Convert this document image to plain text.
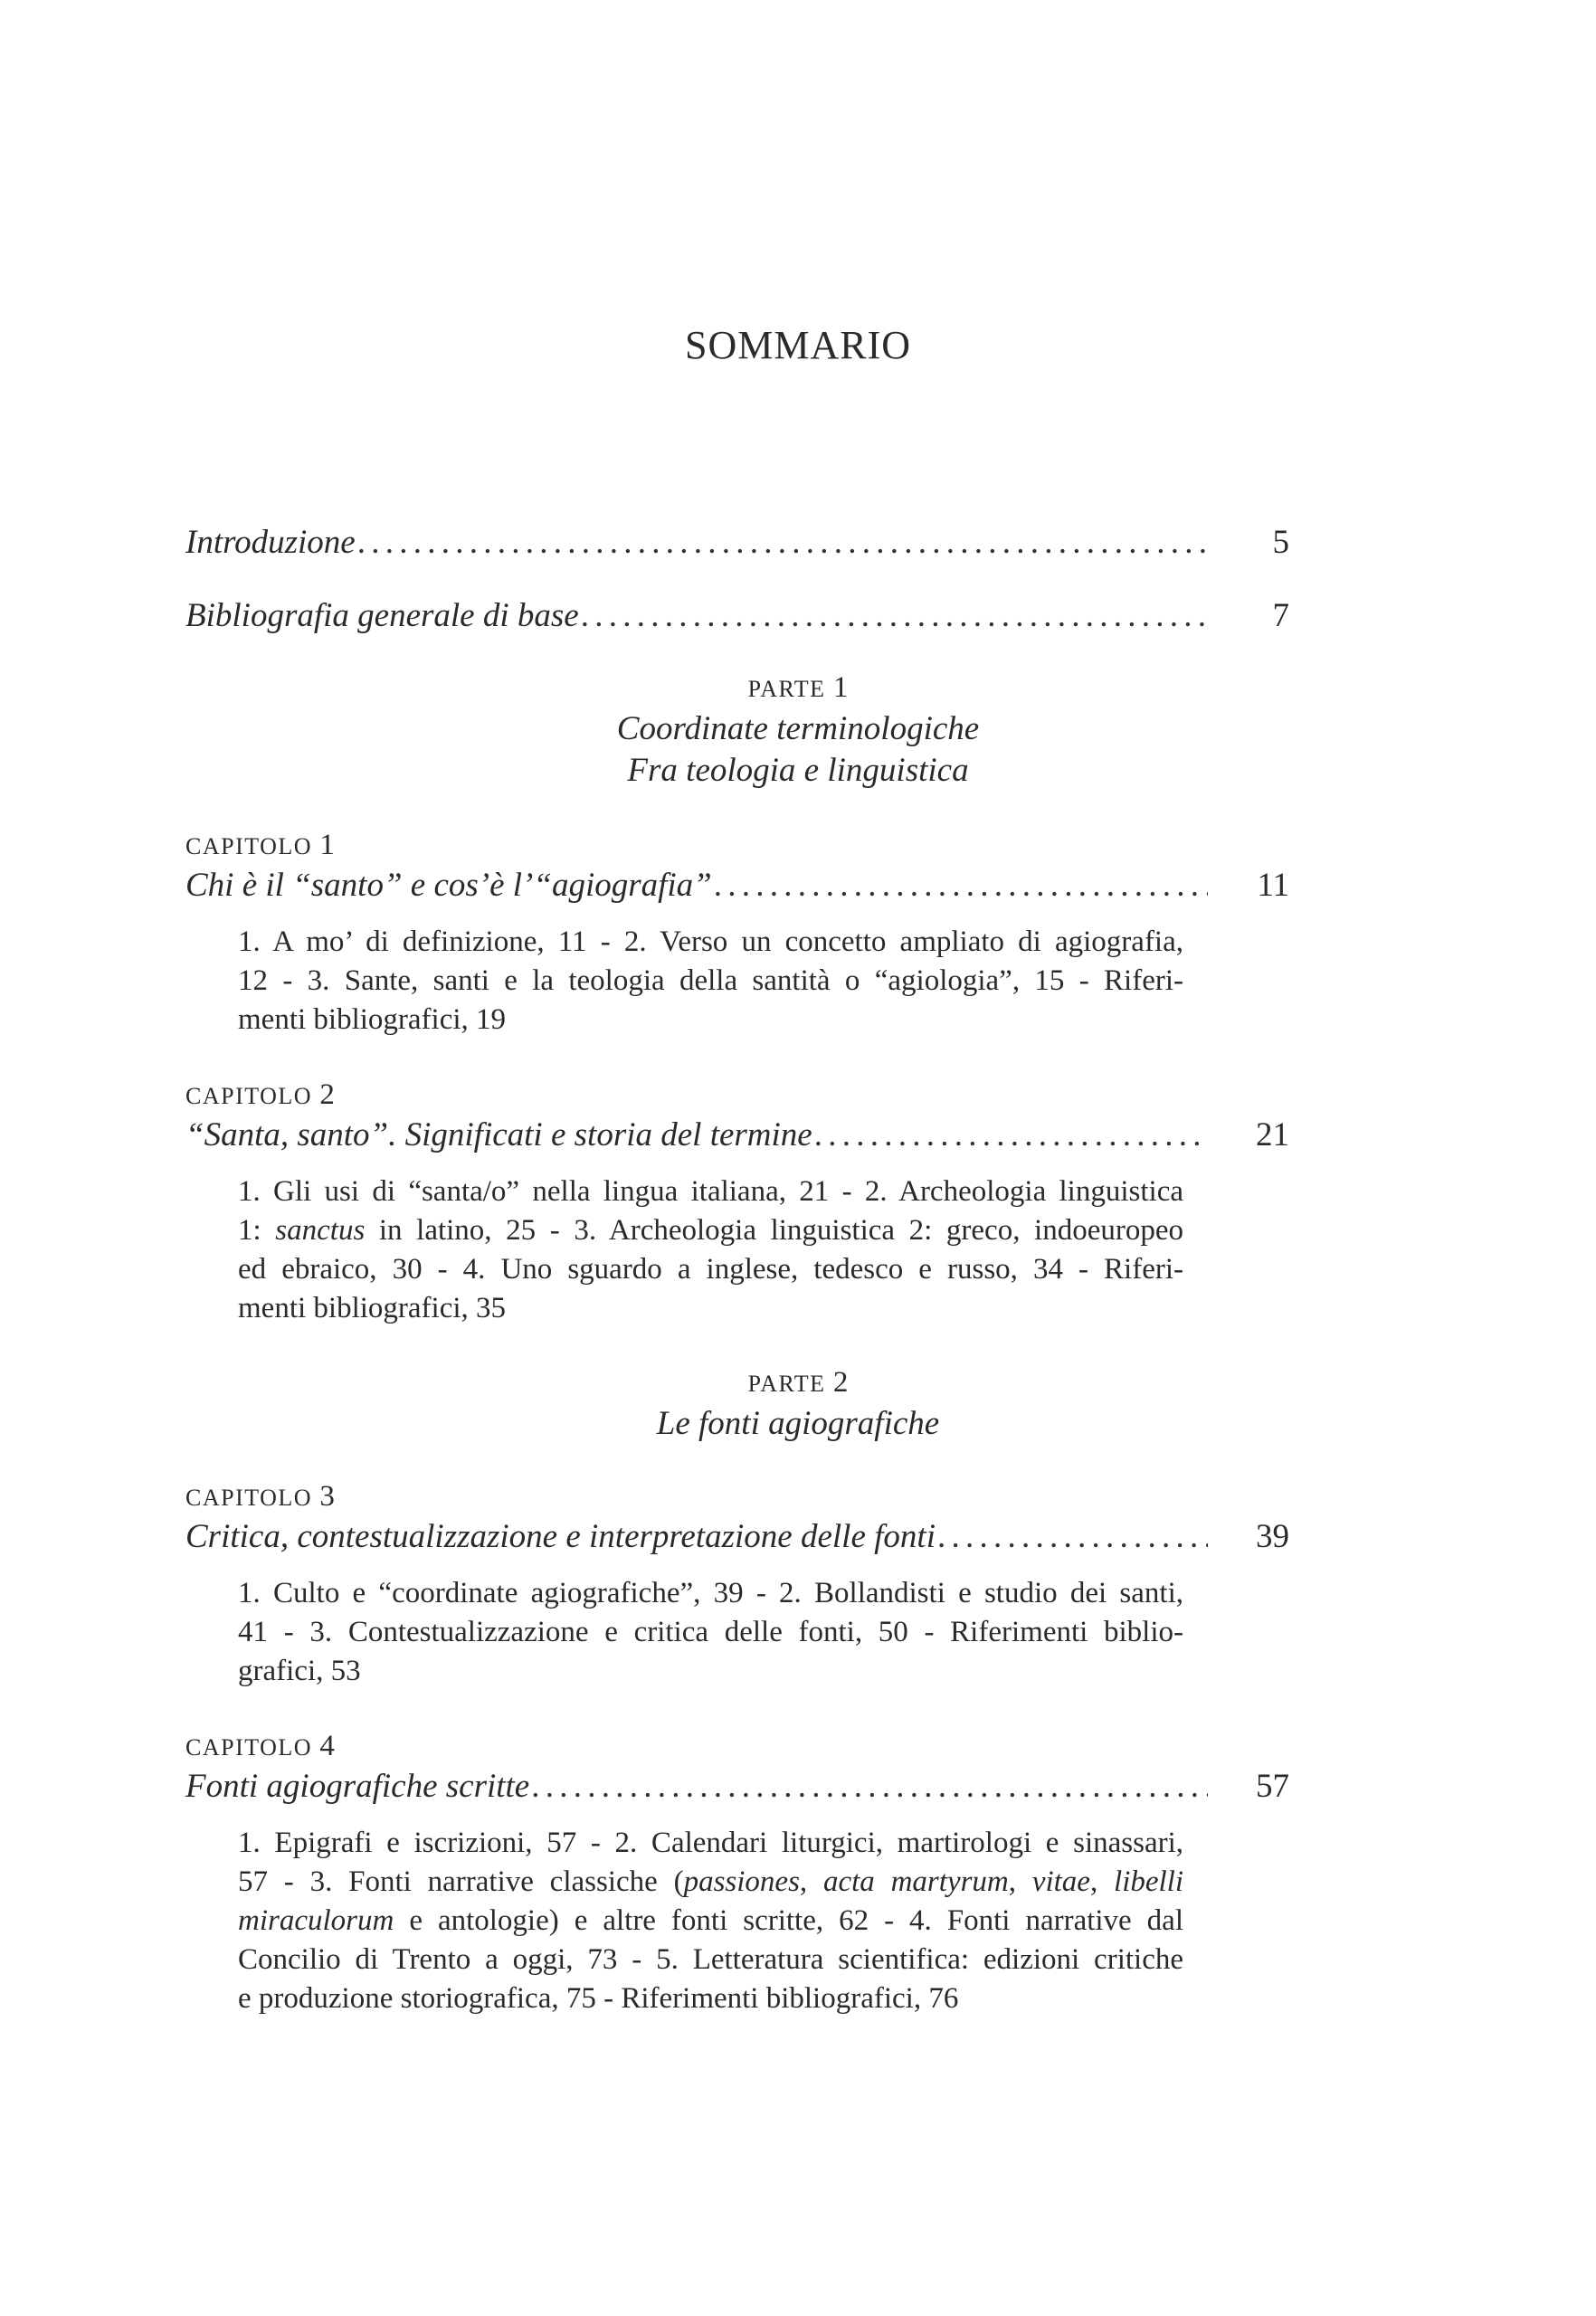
SOMMARIO
Introduzione . . .	5
Bibliografia generale di base . . .	7
PARTE 1
Coordinate terminologiche
Fra teologia e linguistica
CAPITOLO 1
Chi è il “santo” e cos’è l’“agiografia” . . .	11
1. A mo’ di definizione, 11 - 2. Verso un concetto ampliato di agiografia,
12 - 3. Sante, santi e la teologia della santità o “agiologia”, 15 - Riferi-
menti bibliografici, 19
CAPITOLO 2
“Santa, santo”. Significati e storia del termine . . .	21
1. Gli usi di “santa/o” nella lingua italiana, 21 - 2. Archeologia linguistica
1: sanctus in latino, 25 - 3. Archeologia linguistica 2: greco, indoeuropeo
ed ebraico, 30 - 4. Uno sguardo a inglese, tedesco e russo, 34 - Riferi-
menti bibliografici, 35
PARTE 2
Le fonti agiografiche
CAPITOLO 3
Critica, contestualizzazione e interpretazione delle fonti . . .	39
1. Culto e “coordinate agiografiche”, 39 - 2. Bollandisti e studio dei santi,
41 - 3. Contestualizzazione e critica delle fonti, 50 - Riferimenti biblio-
grafici, 53
CAPITOLO 4
Fonti agiografiche scritte . . .	57
1. Epigrafi e iscrizioni, 57 - 2. Calendari liturgici, martirologi e sinassari,
57 - 3. Fonti narrative classiche (passiones, acta martyrum, vitae, libelli
miraculorum e antologie) e altre fonti scritte, 62 - 4. Fonti narrative dal
Concilio di Trento a oggi, 73 - 5. Letteratura scientifica: edizioni critiche
e produzione storiografica, 75 - Riferimenti bibliografici, 76
